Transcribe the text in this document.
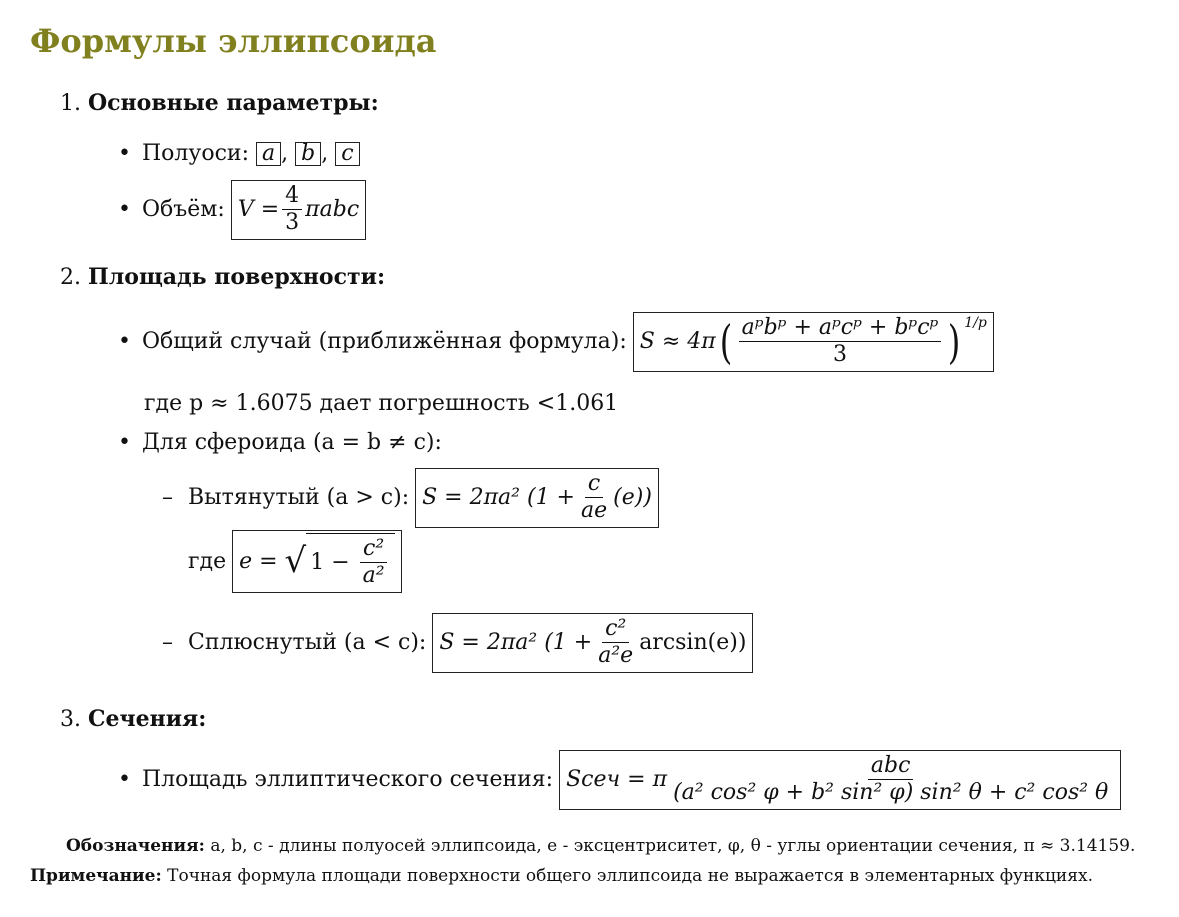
Формулы эллипсоида
1. Основные параметры:
• Полуоси:
a , b , c
• Объём: $V = \frac{4}{3}$ πabc
2. Площадь поверхности:
• Общий случай (приближённая формула): S ≈ 4π ( $\frac{\text{aᵖbᵖ + aᵖcᵖ + bᵖcᵖ}}{3}$ ) 1/p
где p ≈ 1.6075 дает погрешность <1.061
• Для сфероида (a = b ≠ c):
– Вытянутый (a > c): S = 2πa² $(1 + \frac{c}{ae} (e))$
где e =
√ $1 - \frac{\text{c²}}{\text{a²}}$
– Сплюснутый (a < c): S = 2πa² $(1 + \frac{\text{c²}}{\text{a²e}} \arcsin(e))$
3. Сечения:
• Площадь эллиптического сечения: Sсеч = π $\frac{\text{abc}}{\text{(a² cos² φ + b² sin² φ) sin² θ + c² cos² θ}}$
Обозначения: a, b, c - длины полуосей эллипсоида, e - эксцентриситет, φ, θ - углы ориентации сечения, π ≈ 3.14159.
Примечание: Точная формула площади поверхности общего эллипсоида не выражается в элементарных функциях.
